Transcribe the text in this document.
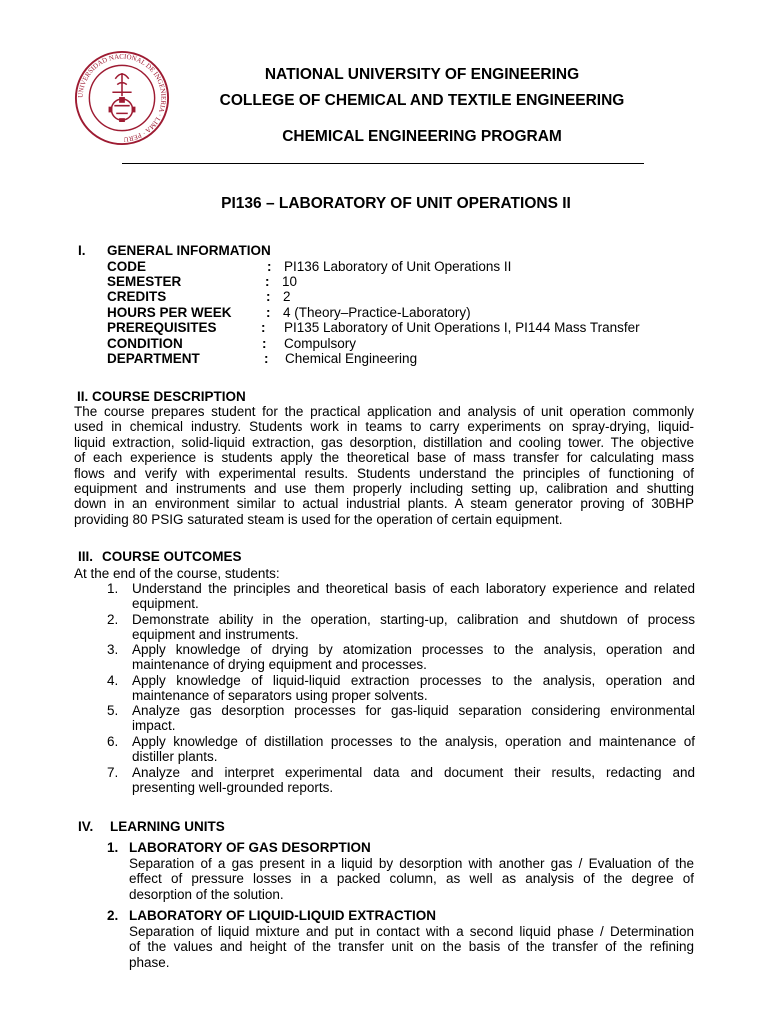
UNIVERSIDAD NACIONAL DE INGENIERIA · LIMA · PERU
NATIONAL UNIVERSITY OF ENGINEERING
COLLEGE OF CHEMICAL AND TEXTILE ENGINEERING
CHEMICAL ENGINEERING PROGRAM
PI136 – LABORATORY OF UNIT OPERATIONS II
I. GENERAL INFORMATION
CODE	: PI136 Laboratory of Unit Operations II
SEMESTER	: 10
CREDITS	: 2
HOURS PER WEEK	: 4 (Theory–Practice-Laboratory)
PREREQUISITES	: PI135 Laboratory of Unit Operations I, PI144 Mass Transfer
CONDITION	: Compulsory
DEPARTMENT	: Chemical Engineering
II. COURSE DESCRIPTION
The course prepares student for the practical application and analysis of unit operation commonly
used in chemical industry. Students work in teams to carry experiments on spray-drying, liquid-
liquid extraction, solid-liquid extraction, gas desorption, distillation and cooling tower. The objective
of each experience is students apply the theoretical base of mass transfer for calculating mass
flows and verify with experimental results. Students understand the principles of functioning of
equipment and instruments and use them properly including setting up, calibration and shutting
down in an environment similar to actual industrial plants. A steam generator proving of 30BHP
providing 80 PSIG saturated steam is used for the operation of certain equipment.
III. COURSE OUTCOMES
At the end of the course, students:
1. Understand the principles and theoretical basis of each laboratory experience and related
equipment.
2. Demonstrate ability in the operation, starting-up, calibration and shutdown of process
equipment and instruments.
3. Apply knowledge of drying by atomization processes to the analysis, operation and
maintenance of drying equipment and processes.
4. Apply knowledge of liquid-liquid extraction processes to the analysis, operation and
maintenance of separators using proper solvents.
5. Analyze gas desorption processes for gas-liquid separation considering environmental
impact.
6. Apply knowledge of distillation processes to the analysis, operation and maintenance of
distiller plants.
7. Analyze and interpret experimental data and document their results, redacting and
presenting well-grounded reports.
IV. LEARNING UNITS
1. LABORATORY OF GAS DESORPTION
Separation of a gas present in a liquid by desorption with another gas / Evaluation of the
effect of pressure losses in a packed column, as well as analysis of the degree of
desorption of the solution.
2. LABORATORY OF LIQUID-LIQUID EXTRACTION
Separation of liquid mixture and put in contact with a second liquid phase / Determination
of the values and height of the transfer unit on the basis of the transfer of the refining
phase.
